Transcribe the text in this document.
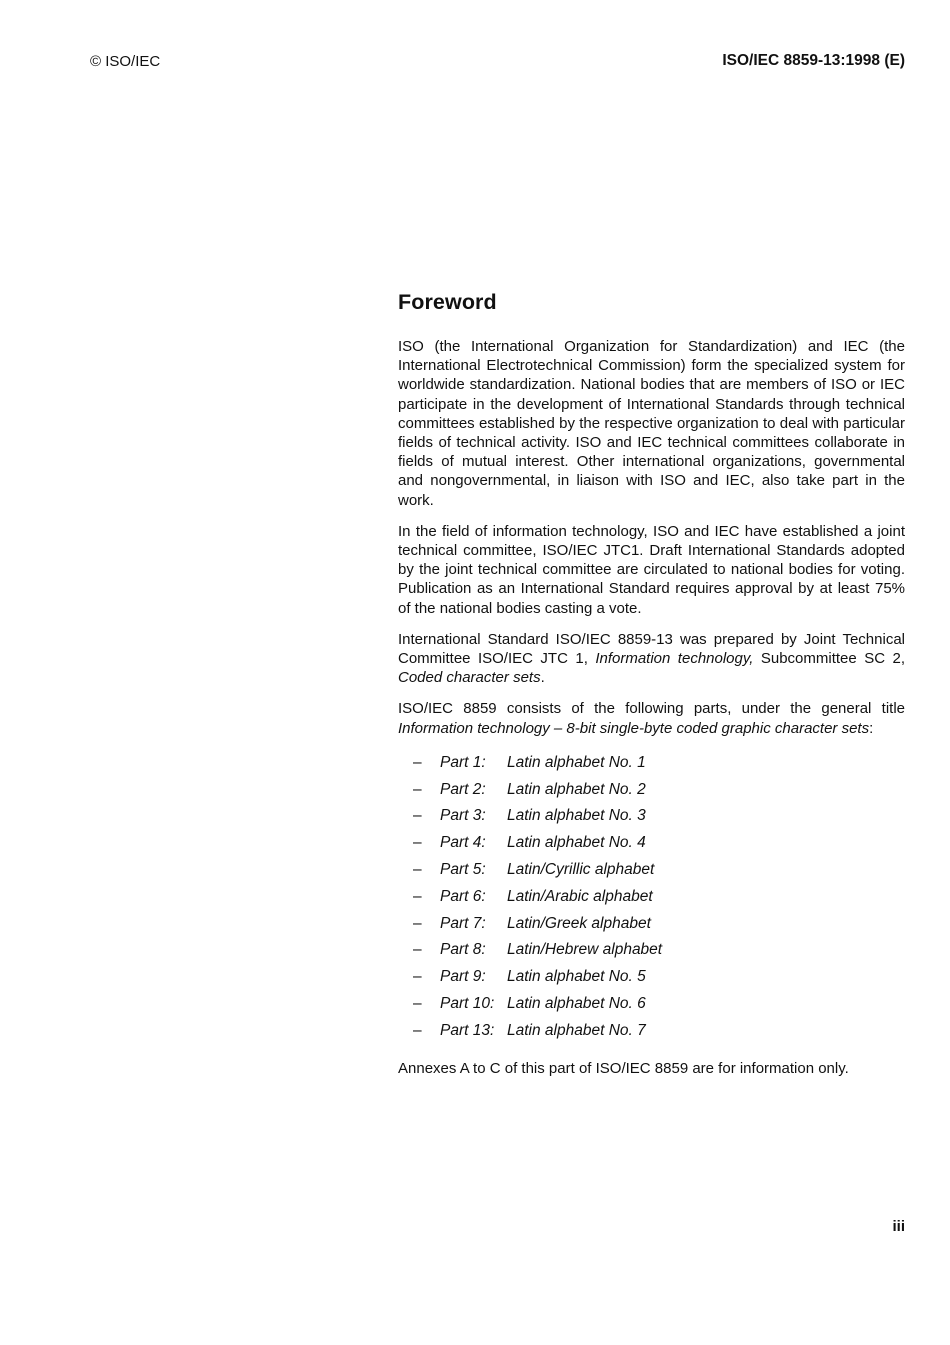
© ISO/IEC	ISO/IEC 8859-13:1998 (E)
Foreword

ISO (the International Organization for Standardization) and IEC (the International Electrotechnical Commission) form the specialized system for worldwide standardization. National bodies that are members of ISO or IEC participate in the development of International Standards through technical committees established by the respective organization to deal with particular fields of technical activity. ISO and IEC technical committees collaborate in fields of mutual interest. Other international organizations, governmental and nongovernmental, in liaison with ISO and IEC, also take part in the work.

In the field of information technology, ISO and IEC have established a joint technical committee, ISO/IEC JTC1. Draft International Standards adopted by the joint technical committee are circulated to national bodies for voting. Publication as an International Standard requires approval by at least 75% of the national bodies casting a vote.

International Standard ISO/IEC 8859-13 was prepared by Joint Technical Committee ISO/IEC JTC 1, Information technology, Subcommittee SC 2, Coded character sets.

ISO/IEC 8859 consists of the following parts, under the general title Information technology – 8-bit single-byte coded graphic character sets:

–	Part 1:	Latin alphabet No. 1
–	Part 2:	Latin alphabet No. 2
–	Part 3:	Latin alphabet No. 3
–	Part 4:	Latin alphabet No. 4
–	Part 5:	Latin/Cyrillic alphabet
–	Part 6:	Latin/Arabic alphabet
–	Part 7:	Latin/Greek alphabet
–	Part 8:	Latin/Hebrew alphabet
–	Part 9:	Latin alphabet No. 5
–	Part 10: Latin alphabet No. 6
–	Part 13: Latin alphabet No. 7
Annexes A to C of this part of ISO/IEC 8859 are for information only.
iii
